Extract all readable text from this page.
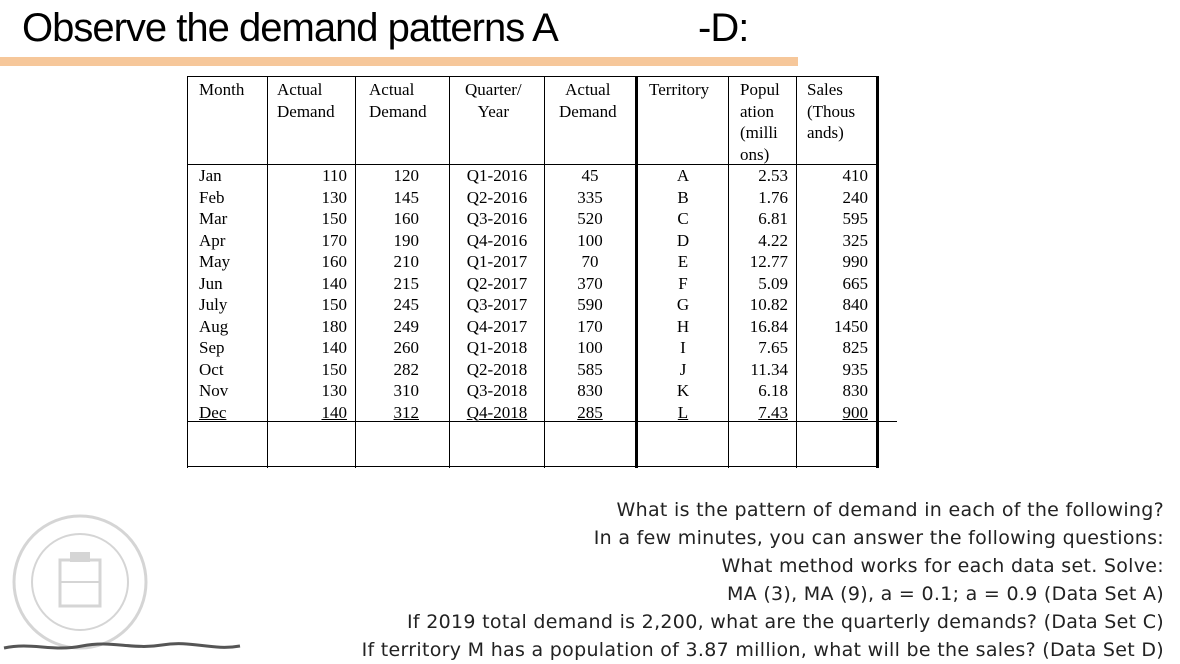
Observe the demand patterns A	-D:
Month Actual
Demand
Actual
Demand
Quarter/
Year
Actual
Demand
Territory Popul
ation
(milli
ons)
Sales
(Thous
ands)
Jan
Feb
Mar
Apr
May
Jun
July
Aug
Sep
Oct
Nov
Dec
110
130
150
170
160
140
150
180
140
150
130
140
120
145
160
190
210
215
245
249
260
282
310
312
Q1-2016
Q2-2016
Q3-2016
Q4-2016
Q1-2017
Q2-2017
Q3-2017
Q4-2017
Q1-2018
Q2-2018
Q3-2018
Q4-2018
45
335
520
100
70
370
590
170
100
585
830
285
A
B
C
D
E
F
G
H
I
J
K
L
2.53
1.76
6.81
4.22
12.77
5.09
10.82
16.84
7.65
11.34
6.18
7.43
410
240
595
325
990
665
840
1450
825
935
830
900
What is the pattern of demand in each of the following?
In a few minutes, you can answer the following questions:
What method works for each data set. Solve:
MA (3), MA (9), a = 0.1; a = 0.9 (Data Set A)
If 2019 total demand is 2,200, what are the quarterly demands? (Data Set C)
If territory M has a population of 3.87 million, what will be the sales? (Data Set D)
